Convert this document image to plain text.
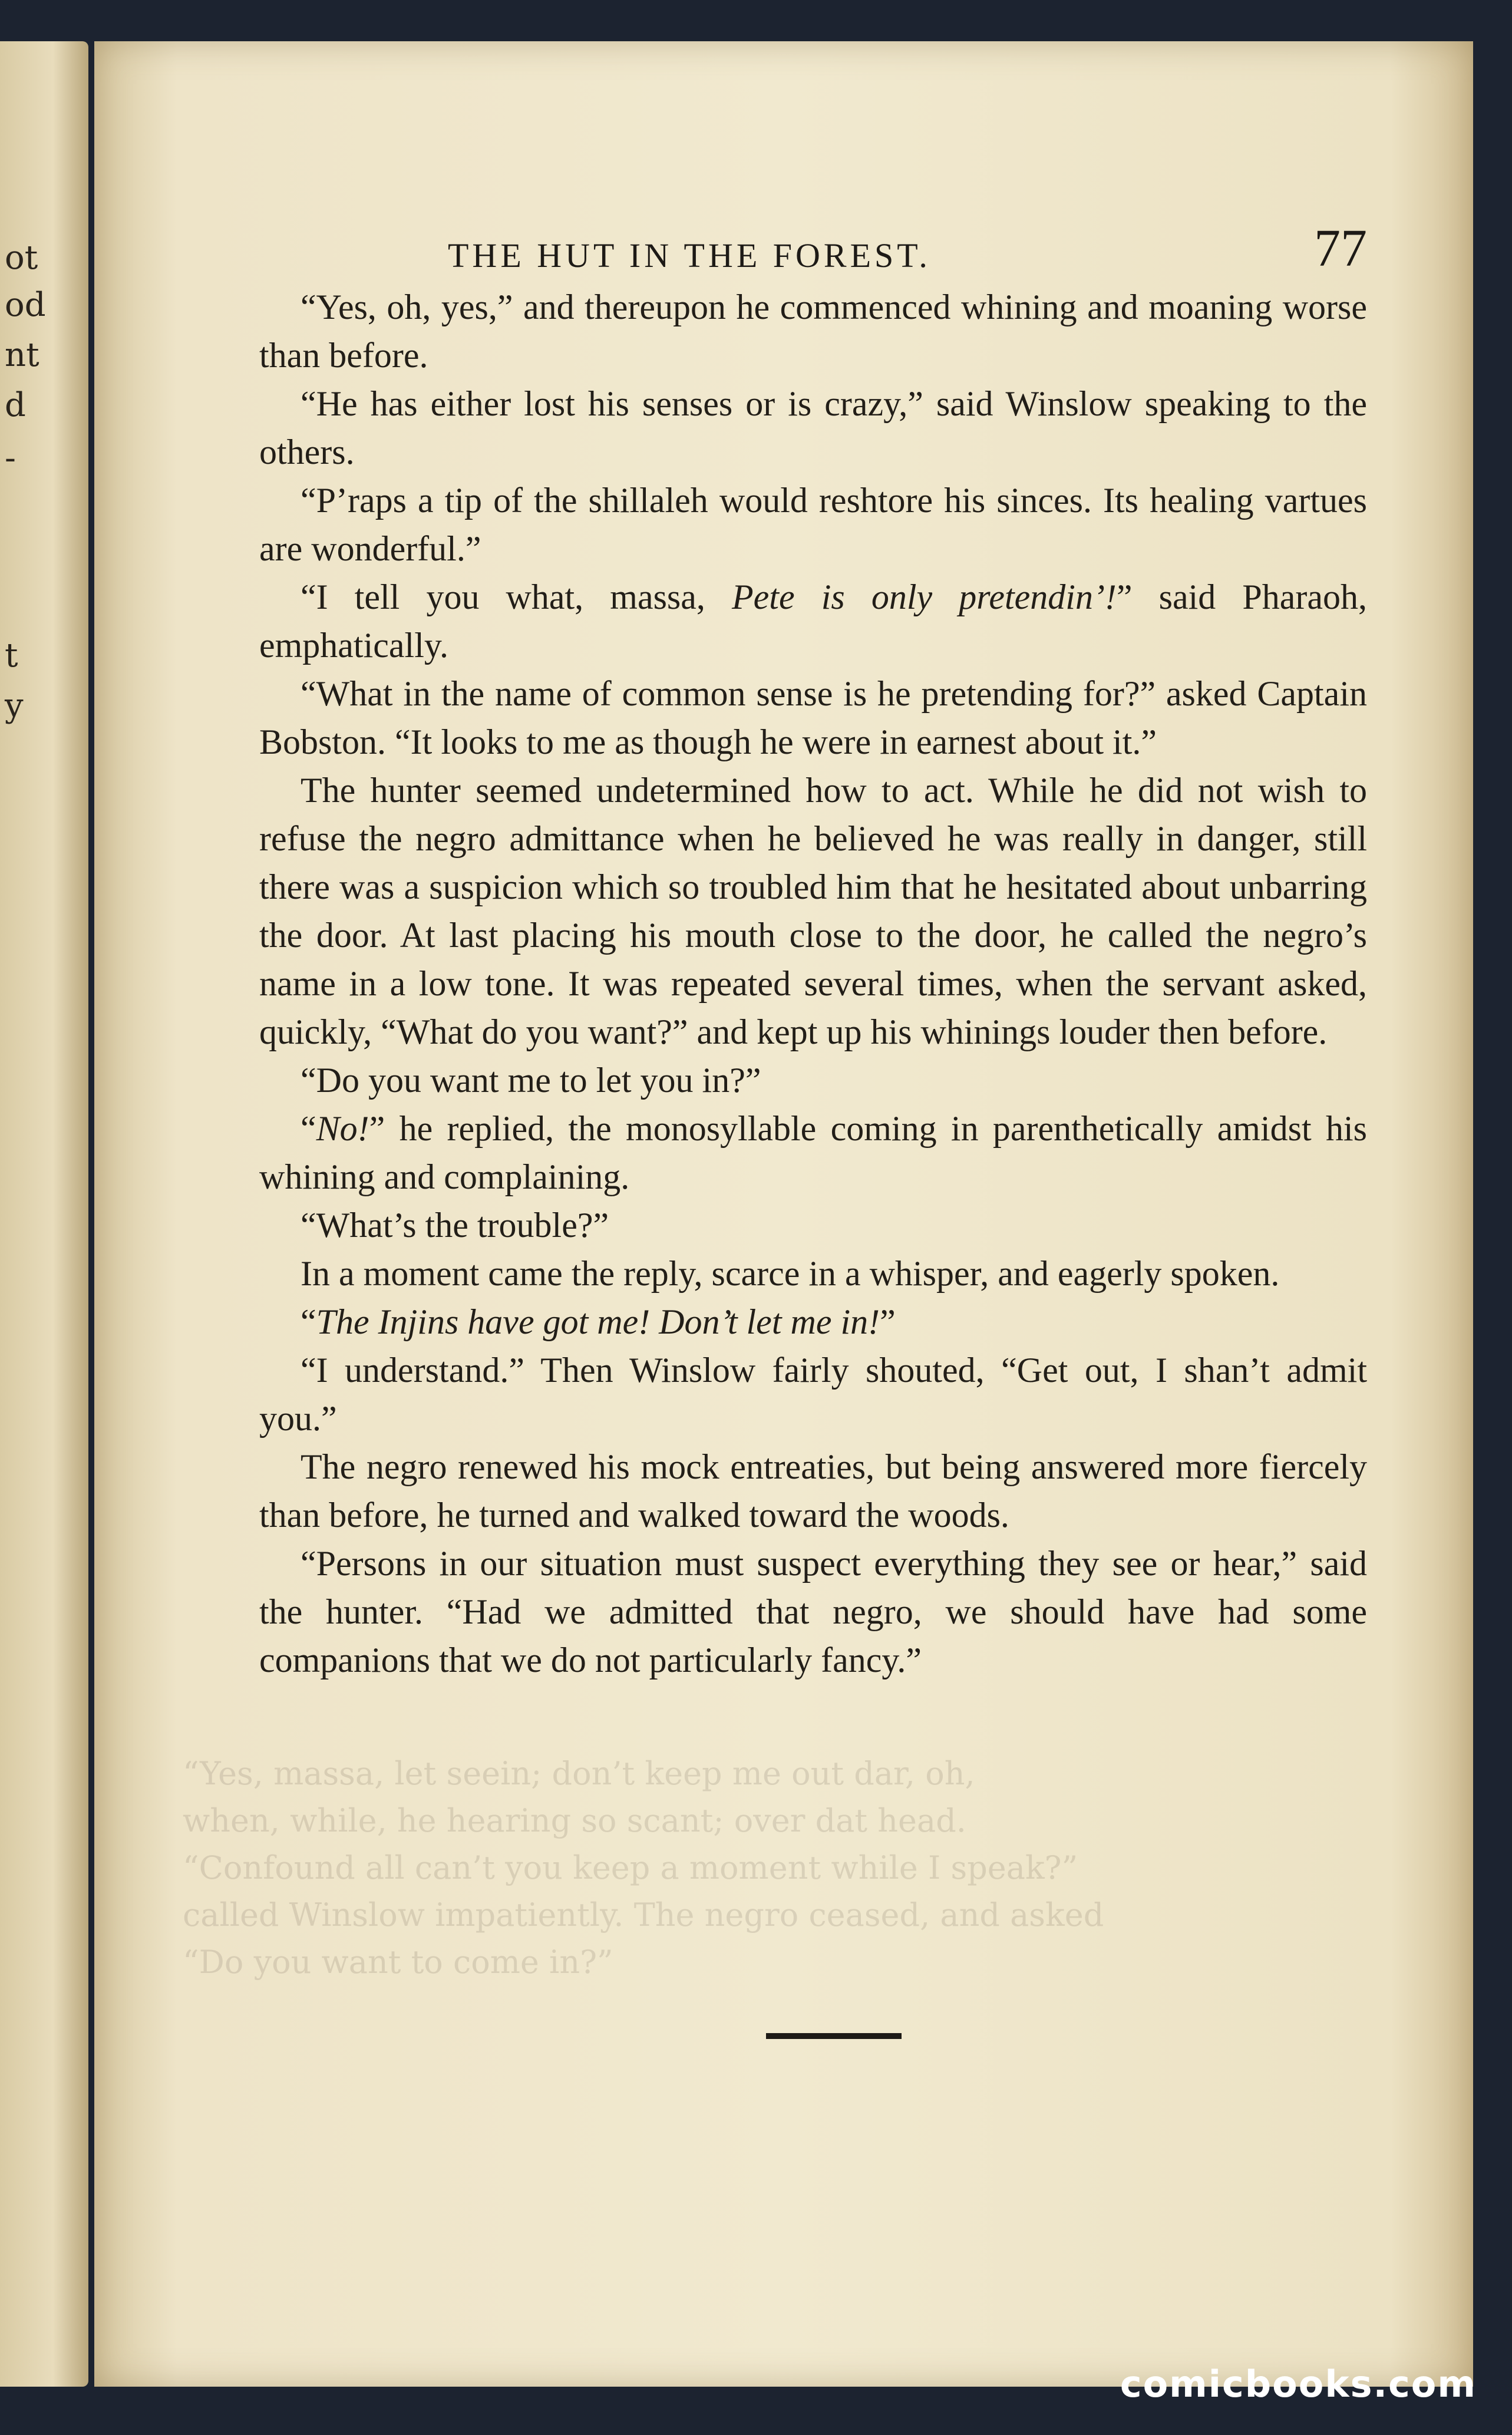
ot
od
nt
d
-
t
y
“Yes, massa, let seein; don’t keep me out dar, oh,
when, while, he hearing so scant; over dat head.
“Confound all can’t you keep a moment while I speak?”
called Winslow impatiently. The negro ceased, and asked
“Do you want to come in?”
THE HUT IN THE FOREST.	77

“Yes, oh, yes,” and thereupon he commenced whining and moaning worse than before.

“He has either lost his senses or is crazy,” said Winslow speaking to the others.

“P’raps a tip of the shillaleh would reshtore his sinces. Its healing vartues are wonderful.”

“I tell you what, massa, Pete is only pretendin’!” said Pharaoh, emphatically.

“What in the name of common sense is he pretending for?” asked Captain Bobston. “It looks to me as though he were in earnest about it.”

The hunter seemed undetermined how to act. While he did not wish to refuse the negro admittance when he believed he was really in danger, still there was a suspicion which so troubled him that he hesitated about unbarring the door. At last placing his mouth close to the door, he called the negro’s name in a low tone. It was repeated several times, when the servant asked, quickly, “What do you want?” and kept up his whinings louder then before.

“Do you want me to let you in?”

“No!” he replied, the monosyllable coming in parenthetically amidst his whining and complaining.

“What’s the trouble?”

In a moment came the reply, scarce in a whisper, and eagerly spoken.

“The Injins have got me! Don’t let me in!”

“I understand.” Then Winslow fairly shouted, “Get out, I shan’t admit you.”

The negro renewed his mock entreaties, but being answered more fiercely than before, he turned and walked toward the woods.

“Persons in our situation must suspect everything they see or hear,” said the hunter. “Had we admitted that negro, we should have had some companions that we do not particularly fancy.”

comicbooks.com
